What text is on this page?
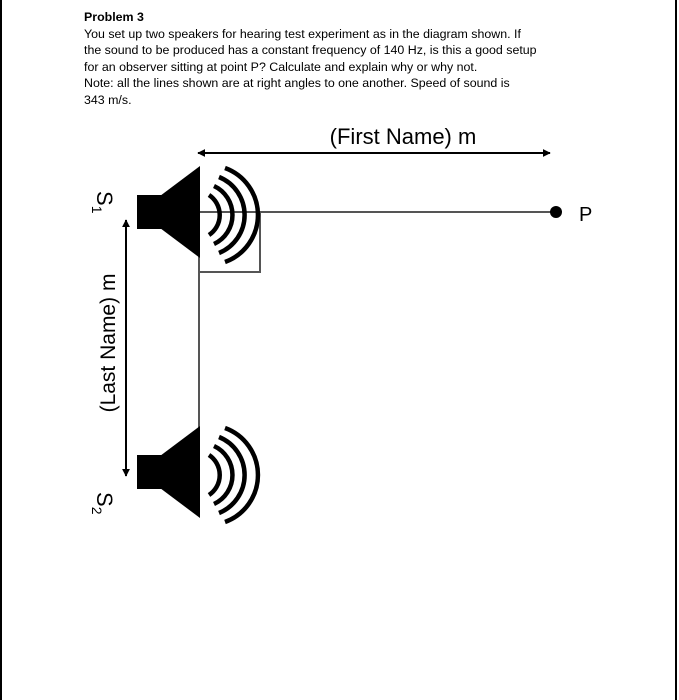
Problem 3
You set up two speakers for hearing test experiment as in the diagram shown. If
the sound to be produced has a constant frequency of 140 Hz, is this a good setup
for an observer sitting at point P? Calculate and explain why or why not.
Note: all the lines shown are at right angles to one another. Speed of sound is
343 m/s.
(First Name) m
(Last Name) m
$S_1$
$S_2$
P
